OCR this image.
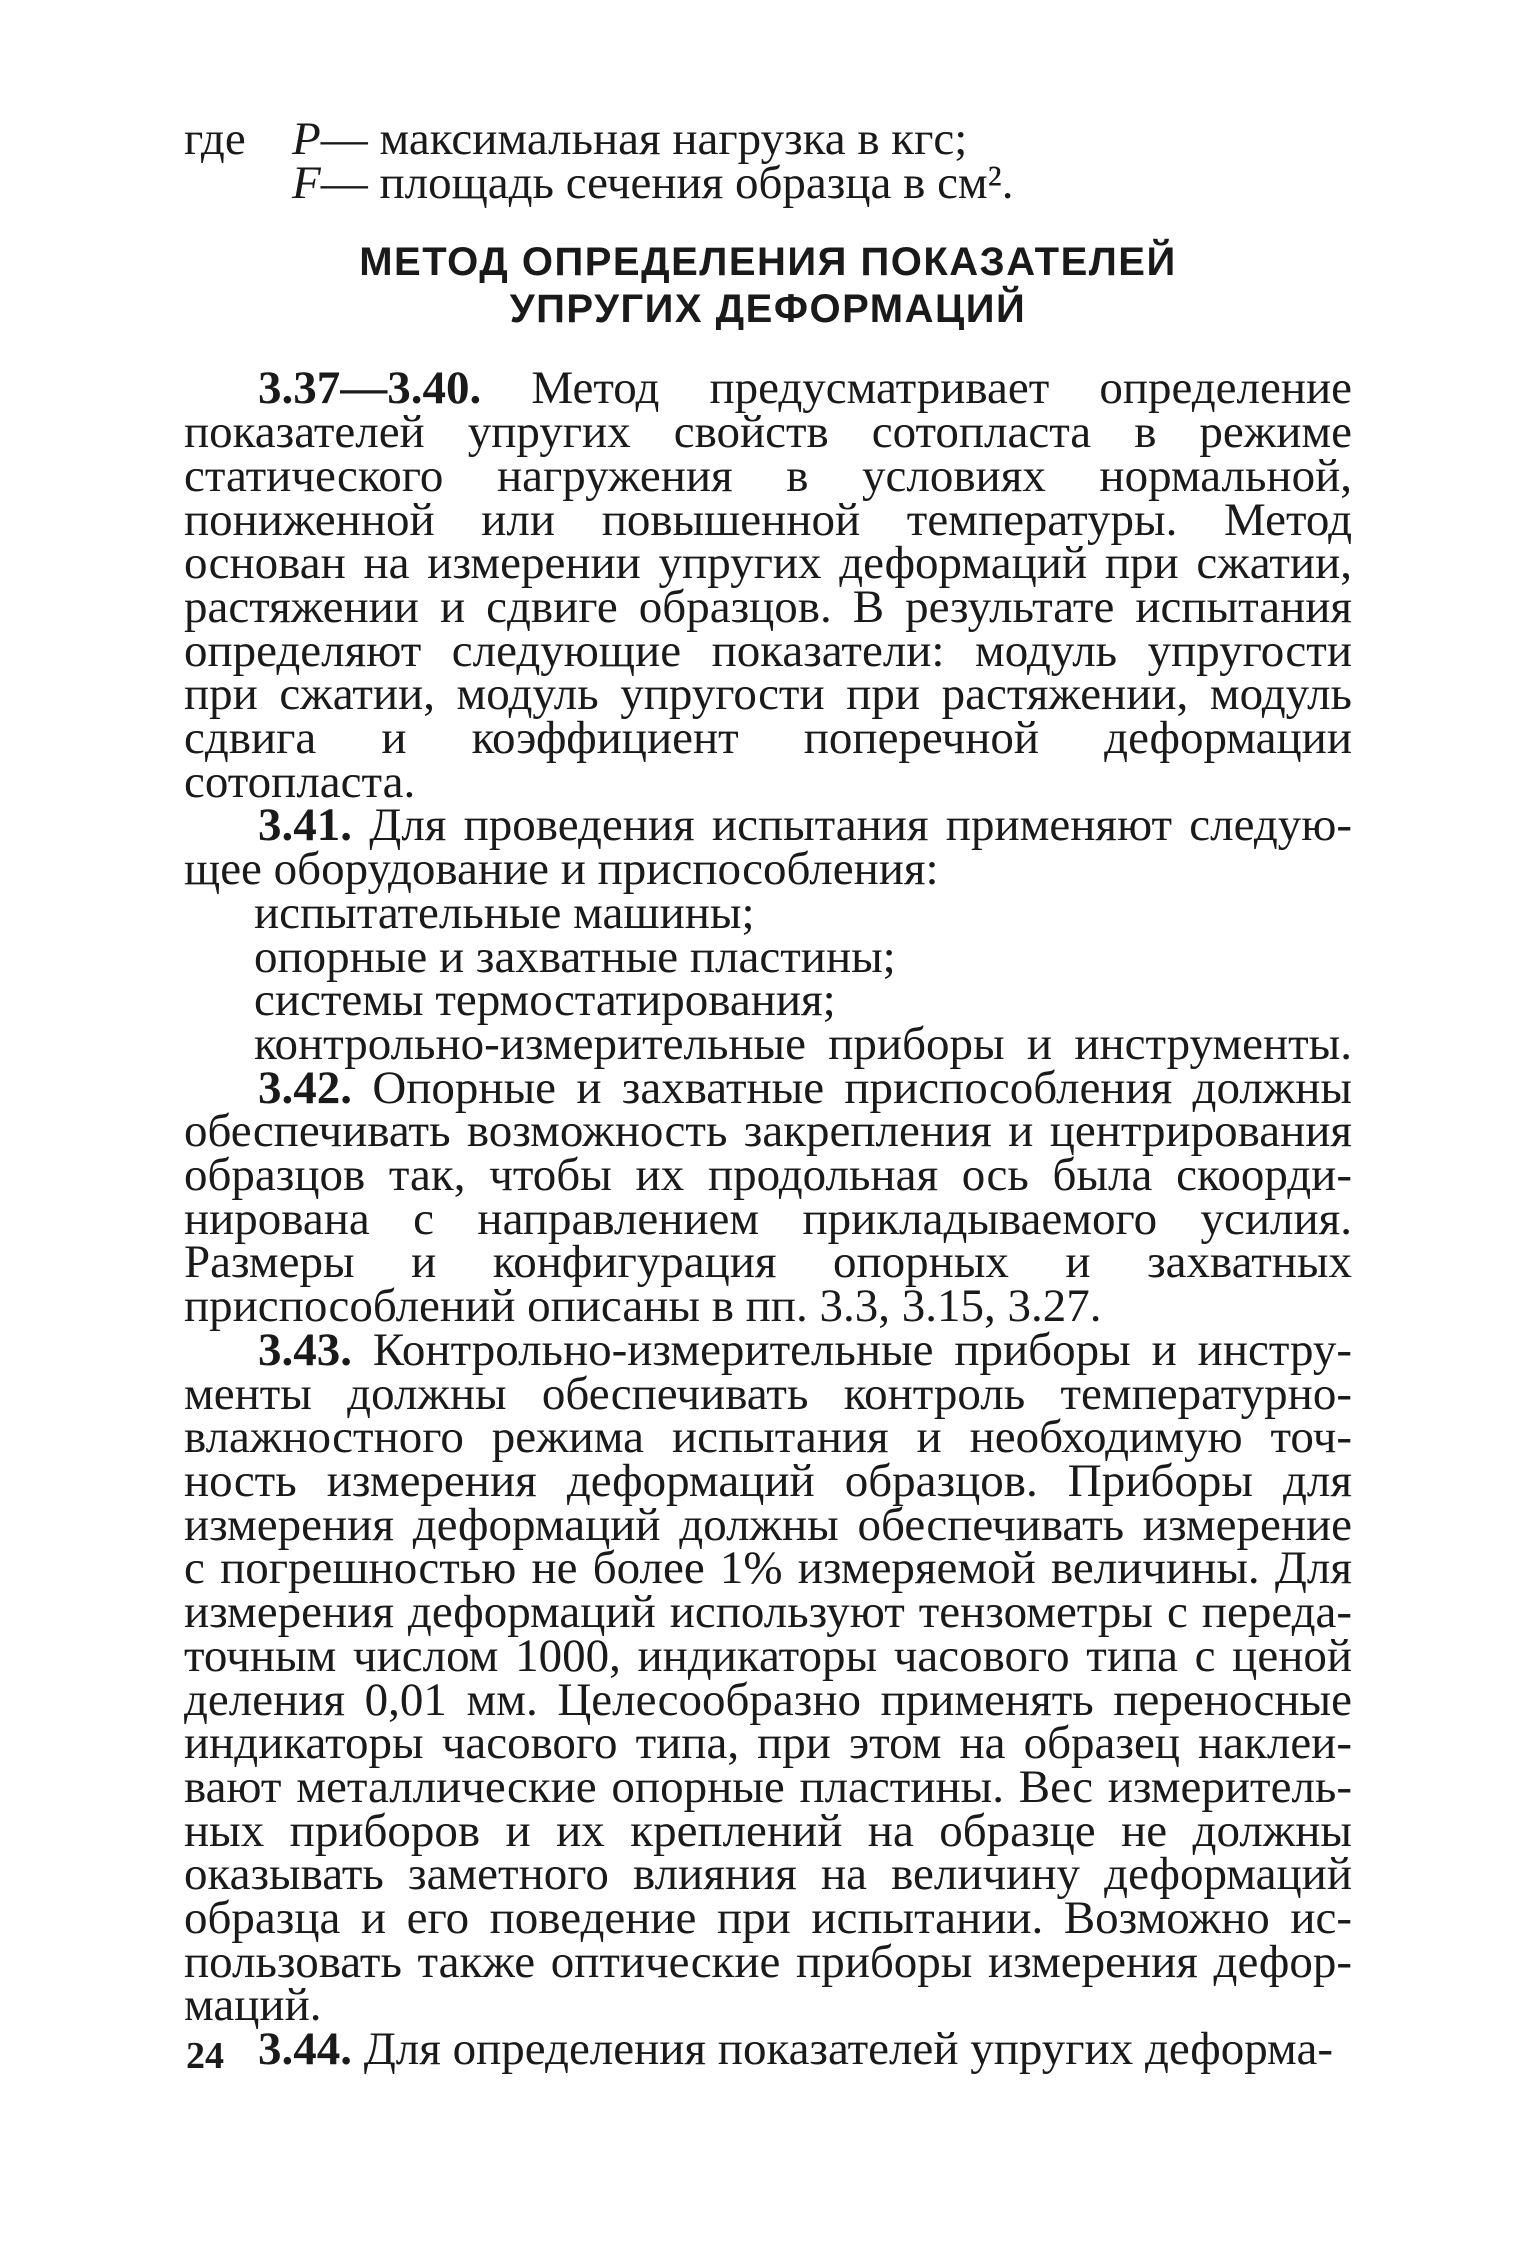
где P — максимальная нагрузка в кгс;
F — площадь сечения образца в см².
МЕТОД ОПРЕДЕЛЕНИЯ ПОКАЗАТЕЛЕЙ
УПРУГИХ ДЕФОРМАЦИЙ

3.37—3.40. Метод предусматривает определение показателей упругих свойств сотопласта в режиме статического нагружения в условиях нормальной, пониженной или повышенной температуры. Метод основан на измерении упругих деформаций при сжатии, растяжении и сдвиге образцов. В результате испытания определяют следующие показатели: модуль упругости при сжатии, модуль упругости при растяжении, модуль сдвига и коэффициент поперечной деформации сотопласта.

3.41. Для проведения испытания применяют следующее оборудование и приспособления:

испытательные машины;
опорные и захватные пластины;
системы термостатирования;
контрольно-измерительные приборы и инструменты.

3.42. Опорные и захватные приспособления должны обеспечивать возможность закрепления и центрирования образцов так, чтобы их продольная ось была скоординирована с направлением прикладываемого усилия. Размеры и конфигурация опорных и захватных приспособлений описаны в пп. 3.3, 3.15, 3.27.

3.43. Контрольно-измерительные приборы и инструменты должны обеспечивать контроль температурновлажностного режима испытания и необходимую точность измерения деформаций образцов. Приборы для измерения деформаций должны обеспечивать измерение с погрешностью не более 1% измеряемой величины. Для измерения деформаций используют тензометры с передаточным числом 1000, индикаторы часового типа с ценой деления 0,01 мм. Целесообразно применять переносные индикаторы часового типа, при этом на образец наклеивают металлические опорные пластины. Вес измерительных приборов и их креплений на образце не должны оказывать заметного влияния на величину деформаций образца и его поведение при испытании. Возможно использовать также оптические приборы измерения деформаций.

3.44. Для определения показателей упругих деформа-

24
